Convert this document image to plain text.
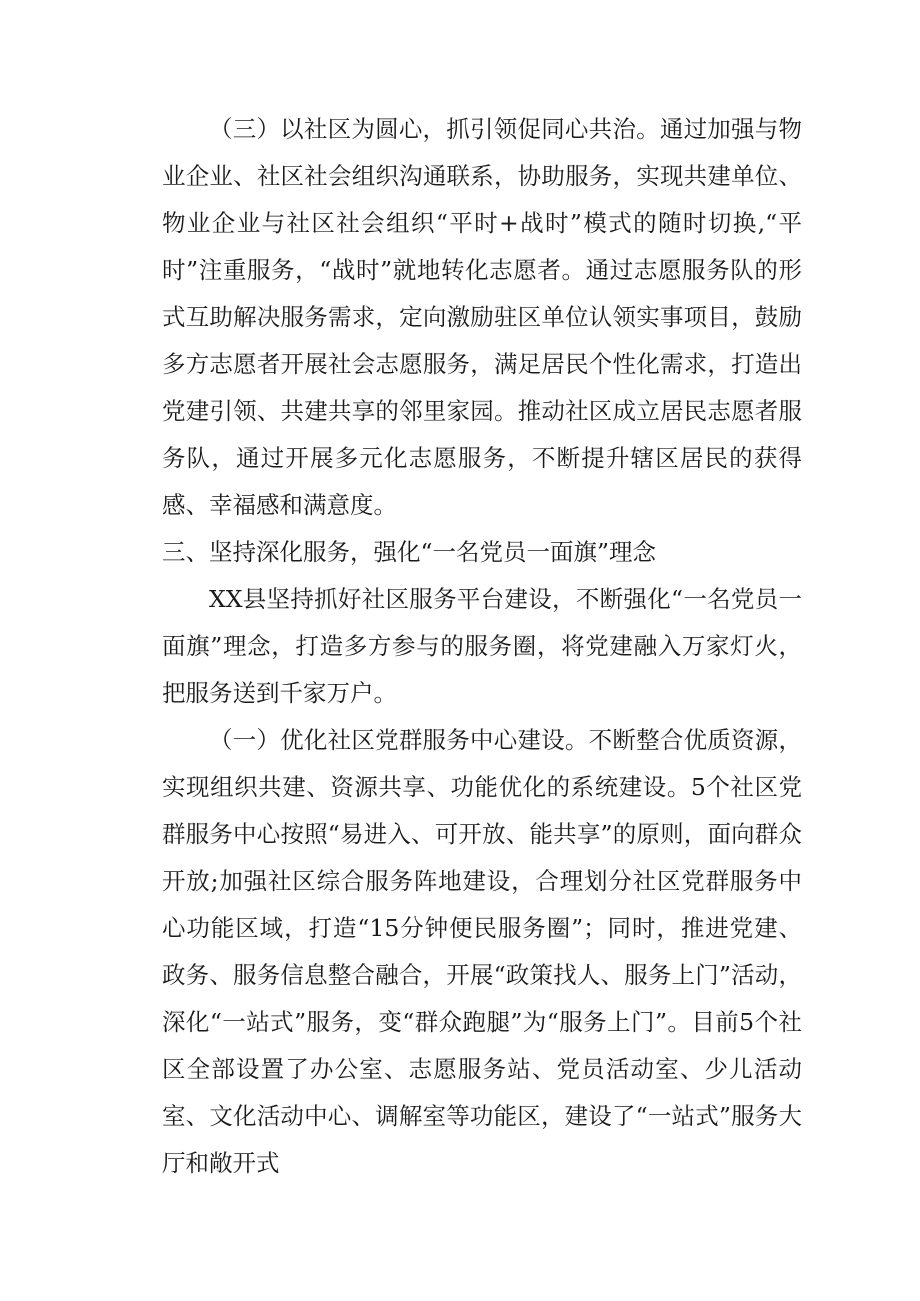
（三）以社区为圆心，抓引领促同心共治。通过加强与物业企业、社区社会组织沟通联系，协助服务，实现共建单位、物业企业与社区社会组织“平时+战时”模式的随时切换,“平时”注重服务，“战时”就地转化志愿者。通过志愿服务队的形式互助解决服务需求，定向激励驻区单位认领实事项目，鼓励多方志愿者开展社会志愿服务，满足居民个性化需求，打造出党建引领、共建共享的邻里家园。推动社区成立居民志愿者服务队，通过开展多元化志愿服务，不断提升辖区居民的获得感、幸福感和满意度。

三、坚持深化服务，强化“一名党员一面旗”理念

XX县坚持抓好社区服务平台建设，不断强化“一名党员一面旗”理念，打造多方参与的服务圈，将党建融入万家灯火，把服务送到千家万户。

（一）优化社区党群服务中心建设。不断整合优质资源，实现组织共建、资源共享、功能优化的系统建设。5个社区党群服务中心按照“易进入、可开放、能共享”的原则，面向群众开放;加强社区综合服务阵地建设，合理划分社区党群服务中心功能区域，打造“15分钟便民服务圈”；同时，推进党建、政务、服务信息整合融合，开展“政策找人、服务上门”活动，深化“一站式”服务，变“群众跑腿”为“服务上门”。目前5个社区全部设置了办公室、志愿服务站、党员活动室、少儿活动室、文化活动中心、调解室等功能区，建设了“一站式”服务大厅和敞开式
